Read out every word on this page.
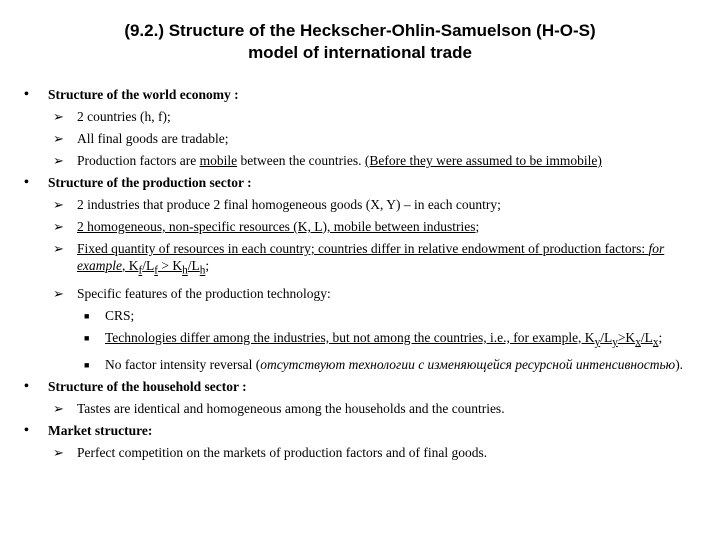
(9.2.) Structure of the Heckscher-Ohlin-Samuelson (H-O-S)
model of international trade
• Structure of the world economy :
➢ 2 countries (h, f);
➢ All final goods are tradable;
➢ Production factors are mobile between the countries. (Before they were assumed to be immobile)
• Structure of the production sector :
➢ 2 industries that produce 2 final homogeneous goods (X, Y) – in each country;
➢ 2 homogeneous, non-specific resources (K, L), mobile between industries;
➢ Fixed quantity of resources in each country; countries differ in relative endowment of production factors: for example, $K_f/L_f > K_h/L_h$;
➢ Specific features of the production technology:
■ CRS;
■ Technologies differ among the industries, but not among the countries, i.e., for example, $K_y/L_y>K_x/L_x$;
■ No factor intensity reversal (отсутствуют технологии с изменяющейся ресурсной интенсивностью).
• Structure of the household sector :
➢ Tastes are identical and homogeneous among the households and the countries.
• Market structure:
➢ Perfect competition on the markets of production factors and of final goods.
